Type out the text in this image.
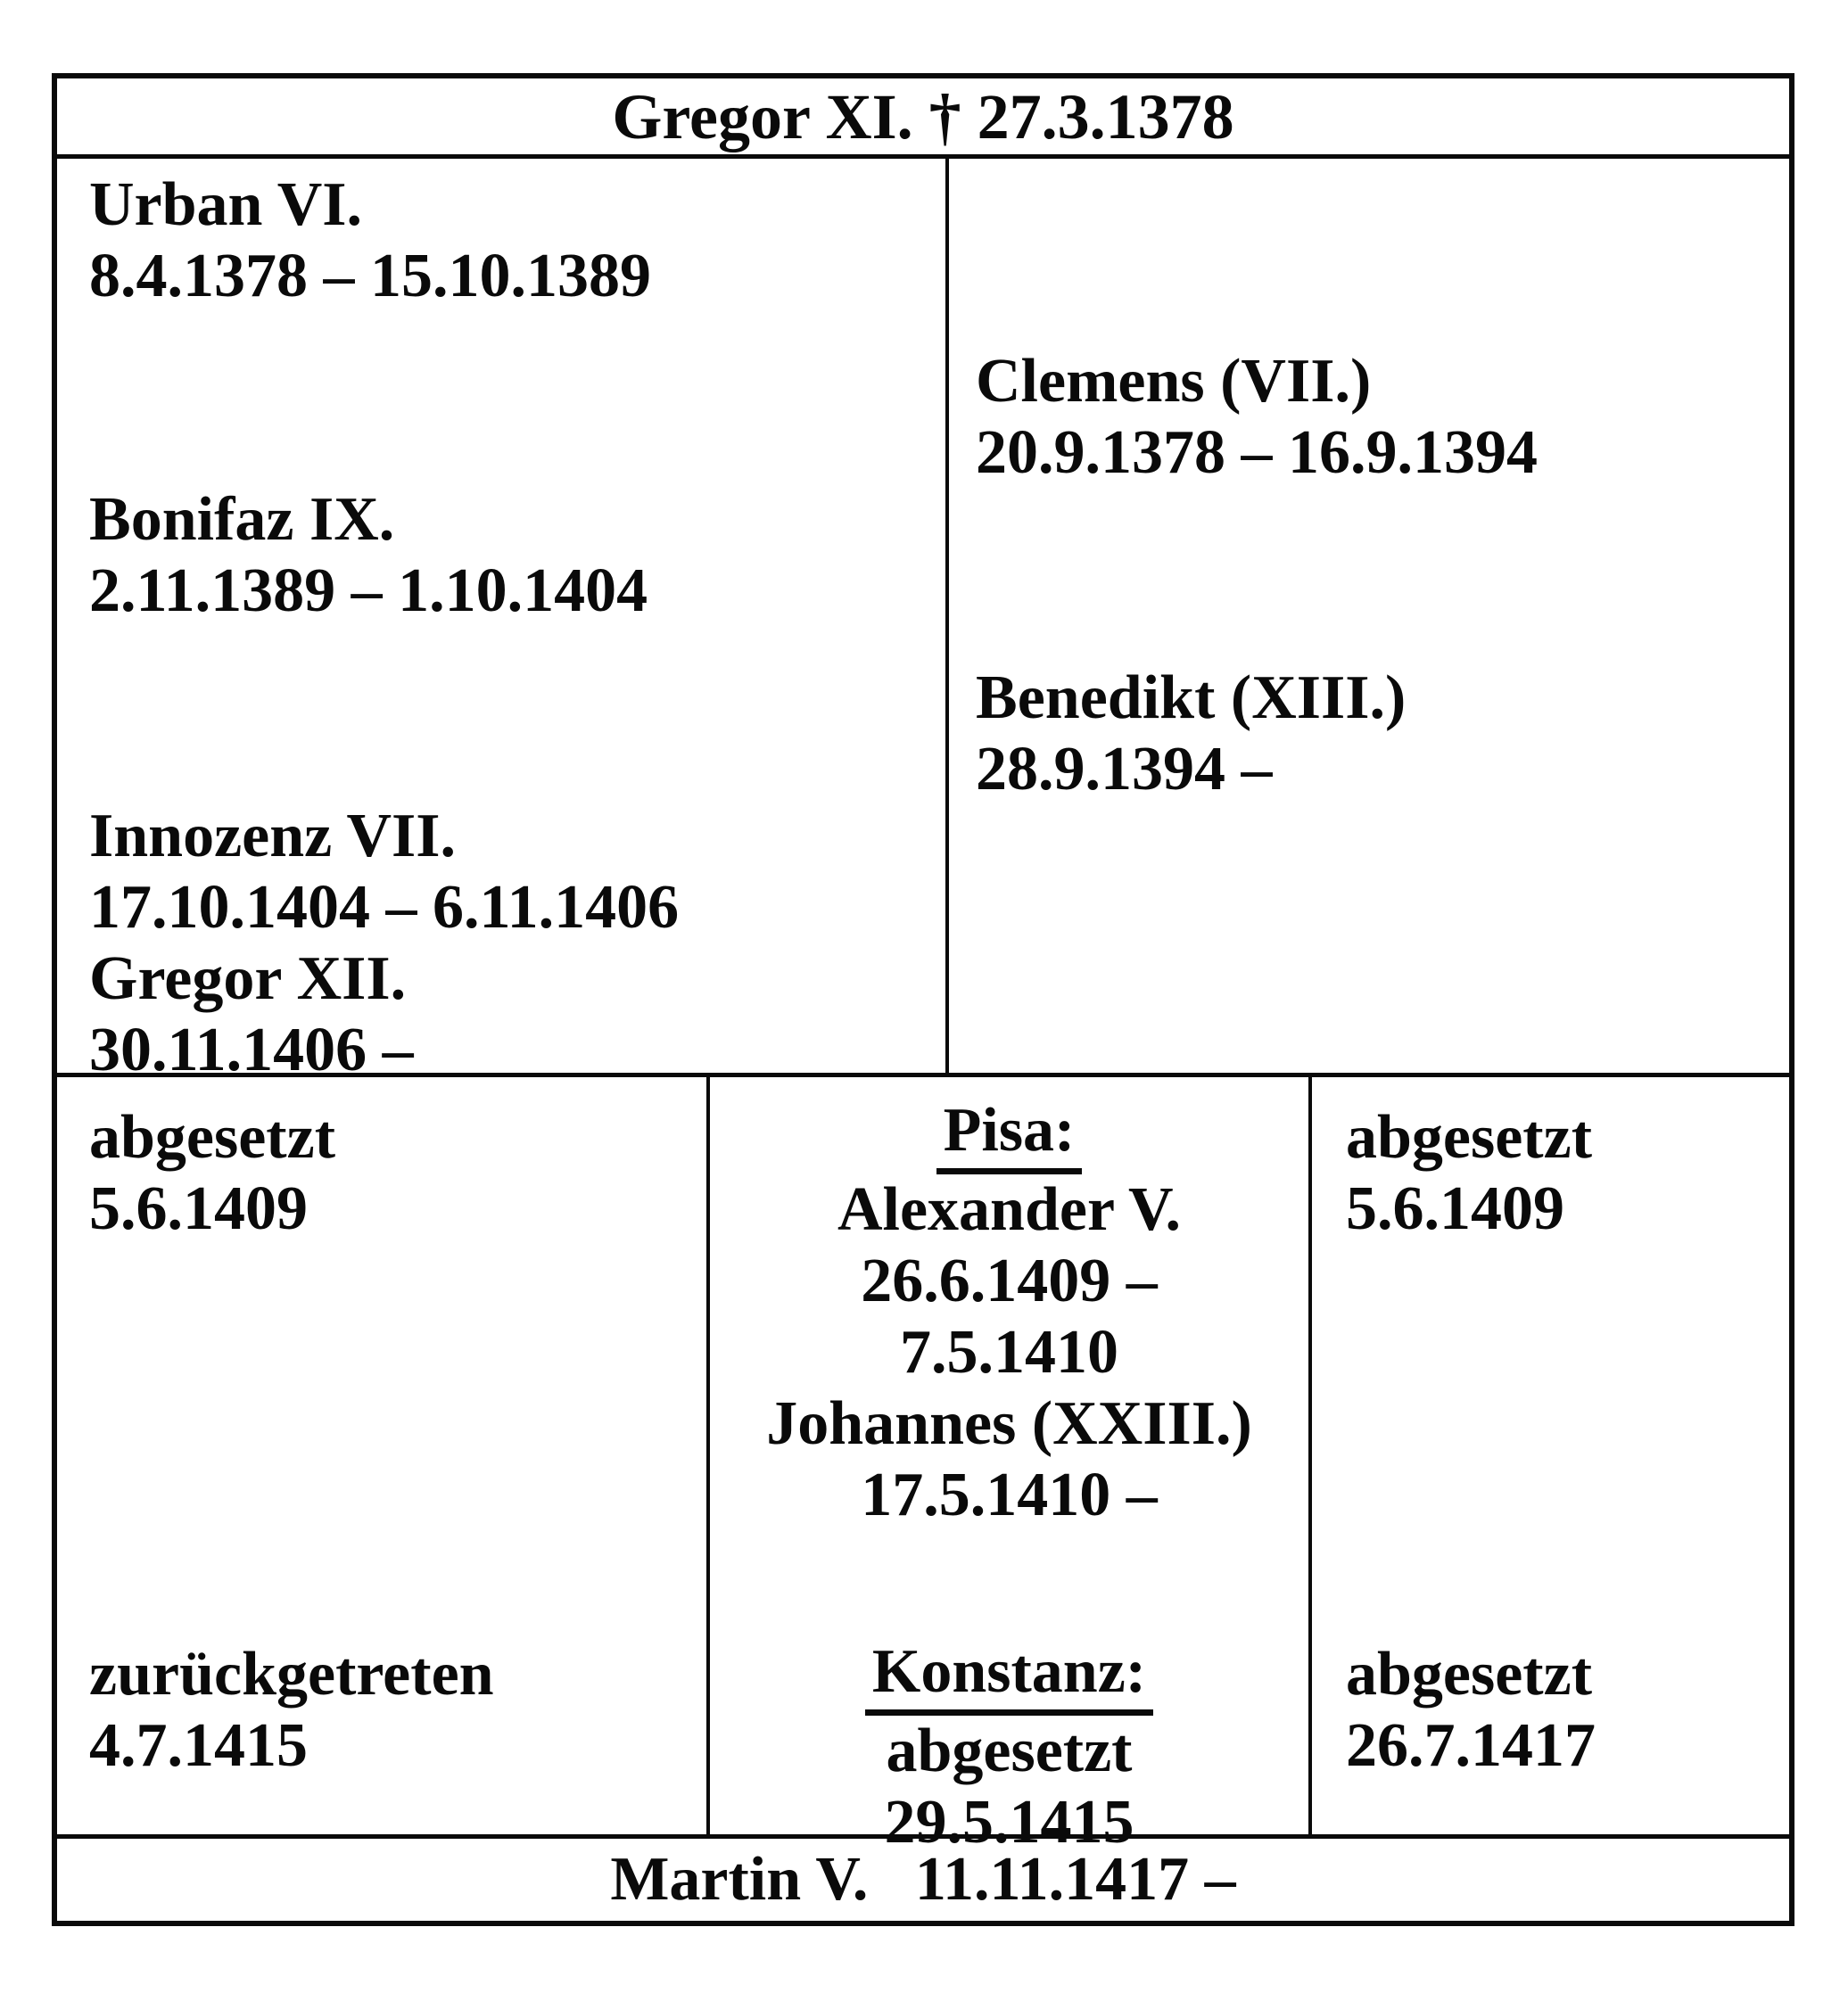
Gregor XI. † 27.3.1378
Urban VI.
8.4.1378 – 15.10.1389
Bonifaz IX.
2.11.1389 – 1.10.1404
Innozenz VII.
17.10.1404 – 6.11.1406
Gregor XII.
30.11.1406 –
Clemens (VII.)
20.9.1378 – 16.9.1394
Benedikt (XIII.)
28.9.1394 –
abgesetzt
5.6.1409
zurückgetreten
4.7.1415
Pisa:
Alexander V.
26.6.1409 –
7.5.1410
Johannes (XXIII.)
17.5.1410 –
Konstanz:
abgesetzt
29.5.1415
abgesetzt
5.6.1409
abgesetzt
26.7.1417
Martin V.   11.11.1417 –
